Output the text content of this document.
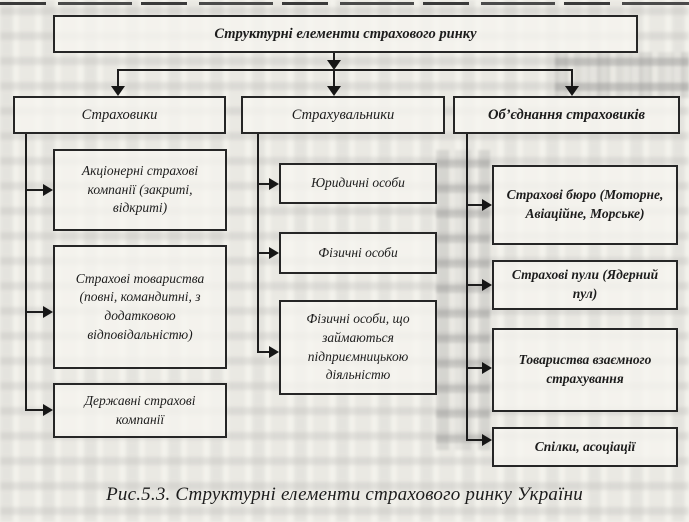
Структурні елементи страхового ринку
Страховики	Страхувальники	Об’єднання страховиків
Акціонерні страхові компанії (закриті, відкриті)
Страхові товариства (повні, командитні, з додатковою відповідальністю)
Державні страхові компанії
Юридичні особи
Фізичні особи
Фізичні особи, що займаються підприємницькою діяльністю
Страхові бюро (Моторне, Авіаційне, Морське)
Страхові пули (Ядерний пул)
Товариства взаємного страхування
Спілки, асоціації
Рис.5.3. Структурні елементи страхового ринку України
